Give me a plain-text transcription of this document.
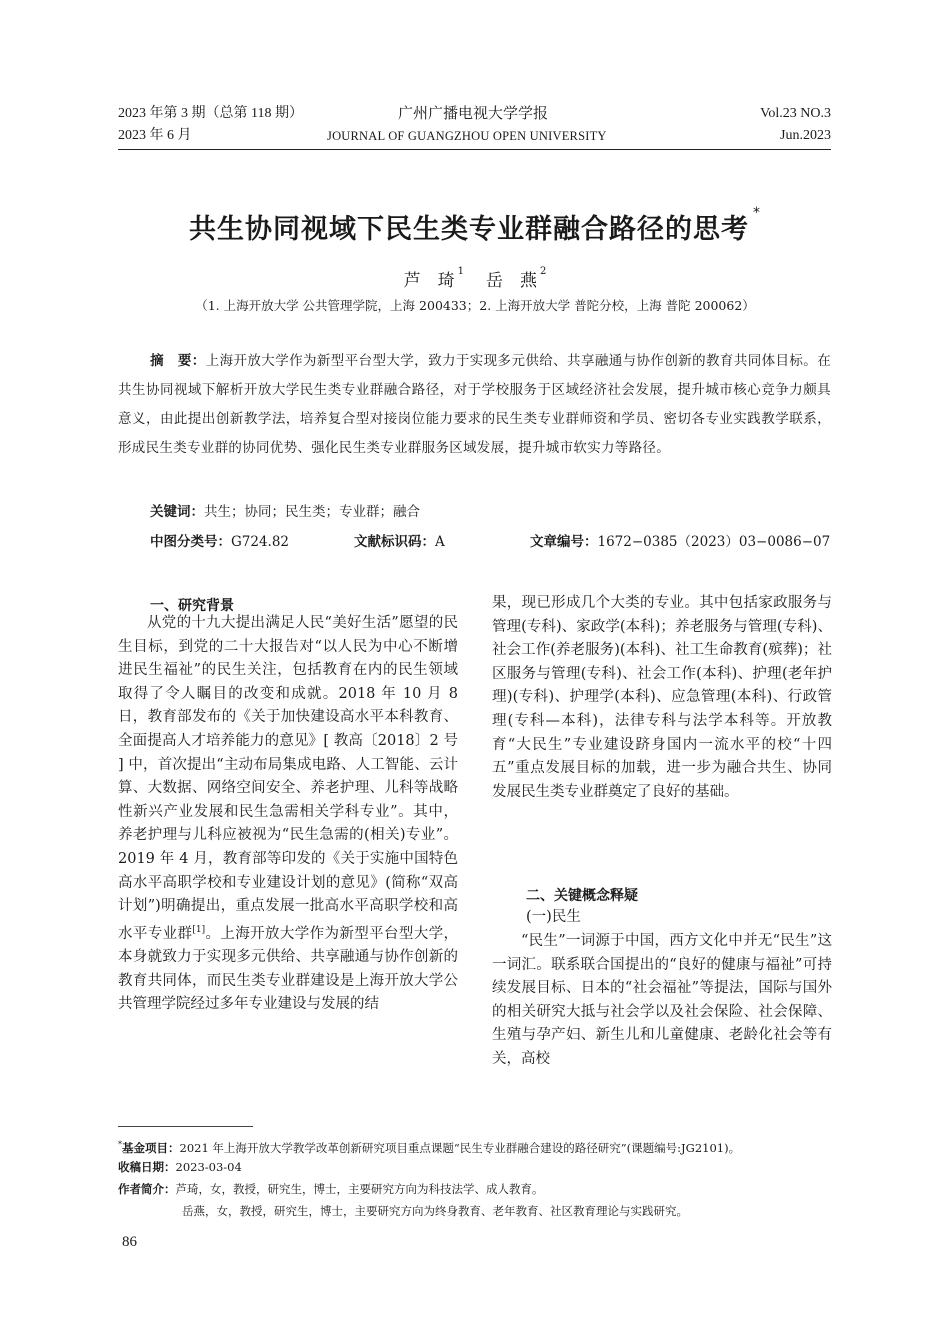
2023 年第 3 期（总第 118 期）
2023 年 6 月
广州广播电视大学学报
JOURNAL OF GUANGZHOU OPEN UNIVERSITY
Vol.23 NO.3
Jun.2023
共生协同视域下民生类专业群融合路径的思考*
芦　琦 $^1$ 岳　燕 $^2$
（1. 上海开放大学 公共管理学院，上海 200433；2. 上海开放大学 普陀分校，上海 普陀 200062）
摘　要：上海开放大学作为新型平台型大学，致力于实现多元供给、共享融通与协作创新的教育共同体目标。在共生协同视域下解析开放大学民生类专业群融合路径，对于学校服务于区域经济社会发展，提升城市核心竞争力颇具意义，由此提出创新教学法，培养复合型对接岗位能力要求的民生类专业群师资和学员、密切各专业实践教学联系，形成民生类专业群的协同优势、强化民生类专业群服务区域发展，提升城市软实力等路径。
关键词：共生；协同；民生类；专业群；融合
中图分类号：G724.82	文献标识码：A	文章编号：1672−0385（2023）03−0086−07
一、研究背景

从党的十九大提出满足人民“美好生活”愿望的民生目标，到党的二十大报告对“以人民为中心不断增进民生福祉”的民生关注，包括教育在内的民生领域取得了令人瞩目的改变和成就。2018 年 10 月 8 日，教育部发布的《关于加快建设高水平本科教育、全面提高人才培养能力的意见》[ 教高〔2018〕2 号 ] 中，首次提出“主动布局集成电路、人工智能、云计算、大数据、网络空间安全、养老护理、儿科等战略性新兴产业发展和民生急需相关学科专业”。其中，养老护理与儿科应被视为“民生急需的(相关)专业”。2019 年 4 月，教育部等印发的《关于实施中国特色高水平高职学校和专业建设计划的意见》(简称“双高计划”)明确提出，重点发展一批高水平高职学校和高水平专业群[1]。上海开放大学作为新型平台型大学，本身就致力于实现多元供给、共享融通与协作创新的教育共同体，而民生类专业群建设是上海开放大学公共管理学院经过多年专业建设与发展的结

果，现已形成几个大类的专业。其中包括家政服务与管理(专科)、家政学(本科)；养老服务与管理(专科)、社会工作(养老服务)(本科)、社工生命教育(殡葬)；社区服务与管理(专科)、社会工作(本科)、护理(老年护理)(专科)、护理学(本科)、应急管理(本科)、行政管理(专科—本科)，法律专科与法学本科等。开放教育“大民生”专业建设跻身国内一流水平的校“十四五”重点发展目标的加载，进一步为融合共生、协同发展民生类专业群奠定了良好的基础。

二、关键概念释疑
(一)民生

“民生”一词源于中国，西方文化中并无“民生”这一词汇。联系联合国提出的“良好的健康与福祉”可持续发展目标、日本的“社会福祉”等提法，国际与国外的相关研究大抵与社会学以及社会保险、社会保障、生殖与孕产妇、新生儿和儿童健康、老龄化社会等有关，高校

*基金项目：2021 年上海开放大学教学改革创新研究项目重点课题“民生专业群融合建设的路径研究”(课题编号:JG2101)。
收稿日期：2023-03-04
作者简介：芦琦，女，教授，研究生，博士，主要研究方向为科技法学、成人教育。
岳燕，女，教授，研究生，博士，主要研究方向为终身教育、老年教育、社区教育理论与实践研究。
86
